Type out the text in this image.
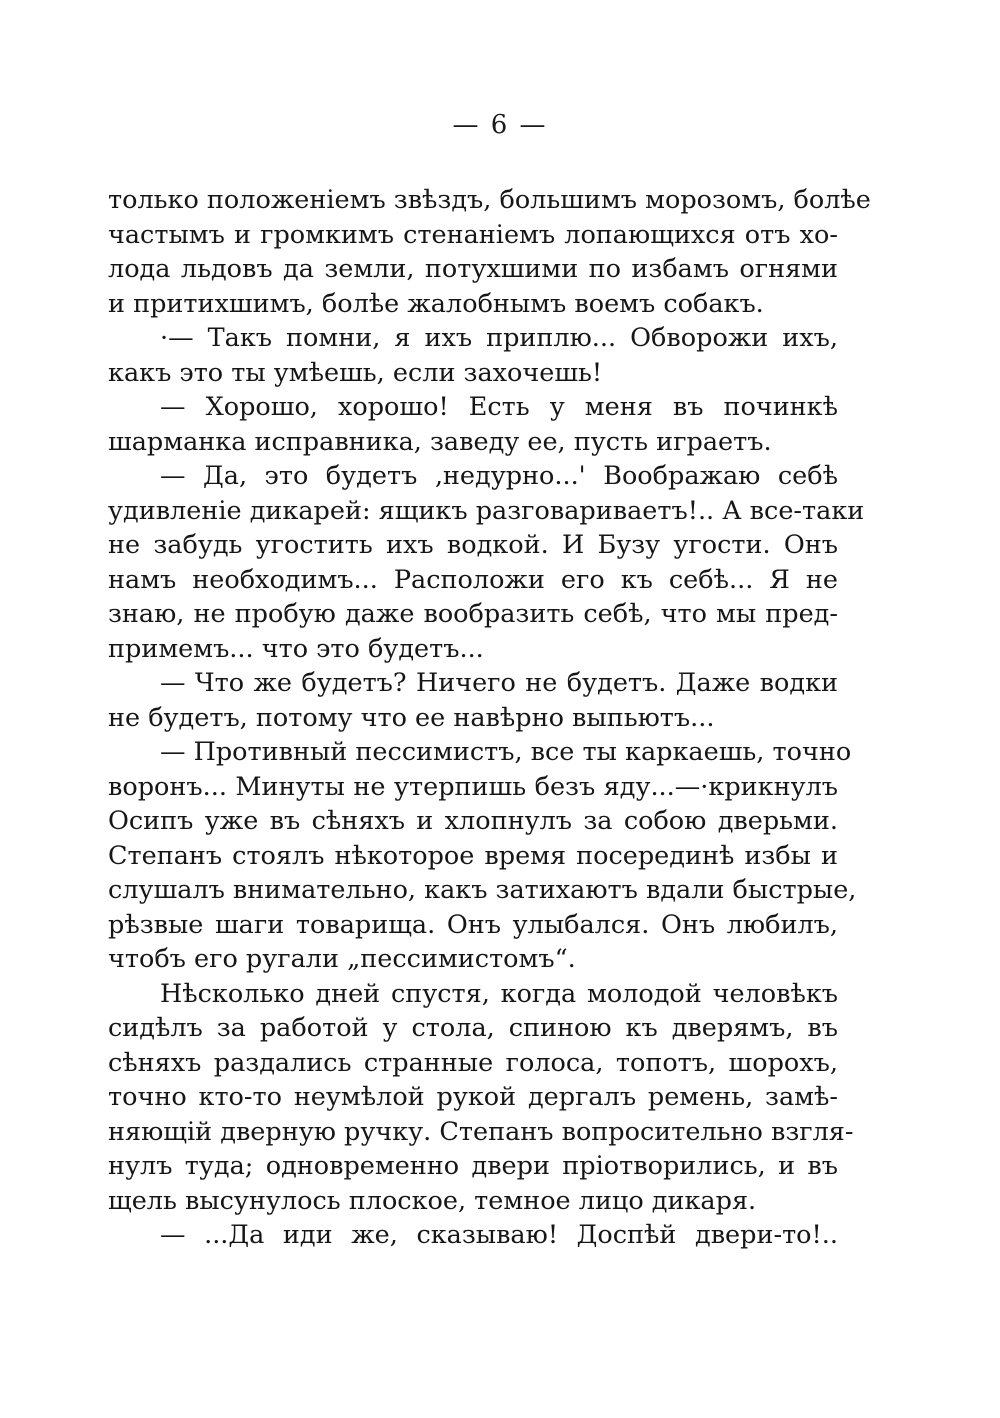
— 6 —
только положеніемъ звѣздъ, большимъ морозомъ, болѣе
частымъ и громкимъ стенаніемъ лопающихся отъ хо-
лода льдовъ да земли, потухшими по избамъ огнями
и притихшимъ, болѣе жалобнымъ воемъ собакъ.
·— Такъ помни, я ихъ приплю... Обворожи ихъ,
какъ это ты умѣешь, если захочешь!
— Хорошо, хорошо! Есть у меня въ починкѣ
шарманка исправника, заведу ее, пусть играетъ.
— Да, это будетъ ‚недурно...' Воображаю себѣ
удивленіе дикарей: ящикъ разговариваетъ!.. А все-таки
не забудь угостить ихъ водкой. И Бузу угости. Онъ
намъ необходимъ... Расположи его къ себѣ... Я не
знаю, не пробую даже вообразить себѣ, что мы пред-
примемъ... что это будетъ...
— Что же будетъ? Ничего не будетъ. Даже водки
не будетъ, потому что ее навѣрно выпьютъ...
— Противный пессимистъ, все ты каркаешь, точно
воронъ... Минуты не утерпишь безъ яду...—·крикнулъ
Осипъ уже въ сѣняхъ и хлопнулъ за собою дверьми.
Степанъ стоялъ нѣкоторое время посерединѣ избы и
слушалъ внимательно, какъ затихаютъ вдали быстрые,
рѣзвые шаги товарища. Онъ улыбался. Онъ любилъ,
чтобъ его ругали „пессимистомъ“.
Нѣсколько дней спустя, когда молодой человѣкъ
сидѣлъ за работой у стола, спиною къ дверямъ, въ
сѣняхъ раздались странные голоса, топотъ, шорохъ,
точно кто-то неумѣлой рукой дергалъ ремень, замѣ-
няющій дверную ручку. Степанъ вопросительно взгля-
нулъ туда; одновременно двери пріотворились, и въ
щель высунулось плоское, темное лицо дикаря.
— ...Да иди же, сказываю! Доспѣй двери-то!..
